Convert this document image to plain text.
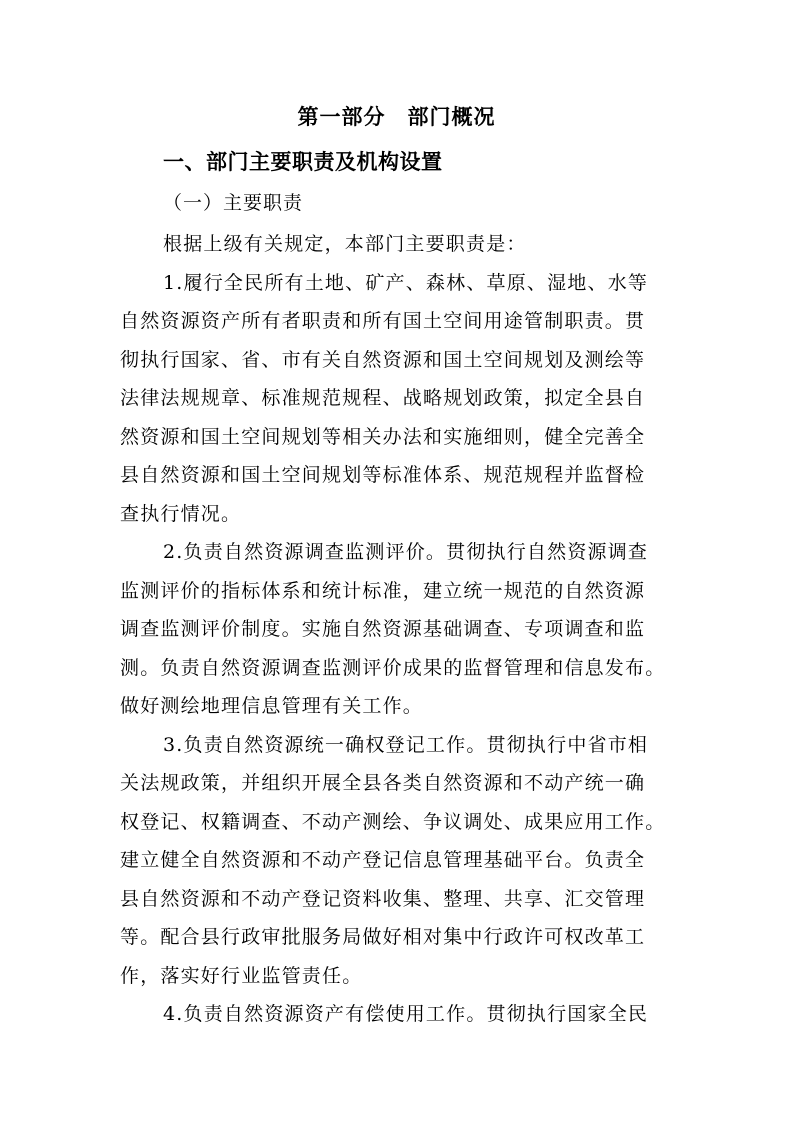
第一部分　部门概况
一、部门主要职责及机构设置
（一）主要职责
根据上级有关规定，本部门主要职责是：
1.履行全民所有土地、矿产、森林、草原、湿地、水等
自然资源资产所有者职责和所有国土空间用途管制职责。贯
彻执行国家、省、市有关自然资源和国土空间规划及测绘等
法律法规规章、标准规范规程、战略规划政策，拟定全县自
然资源和国土空间规划等相关办法和实施细则，健全完善全
县自然资源和国土空间规划等标准体系、规范规程并监督检
查执行情况。
2.负责自然资源调查监测评价。贯彻执行自然资源调查
监测评价的指标体系和统计标准，建立统一规范的自然资源
调查监测评价制度。实施自然资源基础调查、专项调查和监
测。负责自然资源调查监测评价成果的监督管理和信息发布。
做好测绘地理信息管理有关工作。
3.负责自然资源统一确权登记工作。贯彻执行中省市相
关法规政策，并组织开展全县各类自然资源和不动产统一确
权登记、权籍调查、不动产测绘、争议调处、成果应用工作。
建立健全自然资源和不动产登记信息管理基础平台。负责全
县自然资源和不动产登记资料收集、整理、共享、汇交管理
等。配合县行政审批服务局做好相对集中行政许可权改革工
作，落实好行业监管责任。
4.负责自然资源资产有偿使用工作。贯彻执行国家全民
